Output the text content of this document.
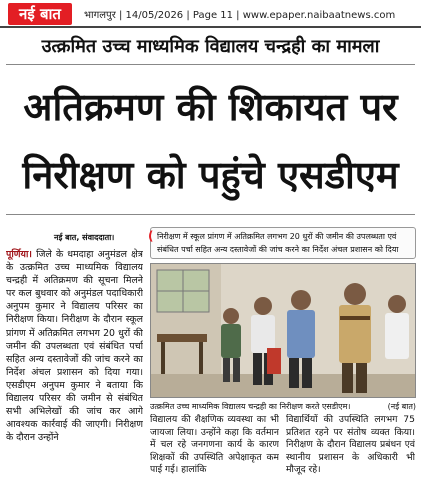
नई बात	भागलपुर | 14/05/2026 | Page 11 | www.epaper.naibaatnews.com
उत्क्रमित उच्च माध्यमिक विद्यालय चन्द्रही का मामला
अतिक्रमण की शिकायत पर
निरीक्षण को पहुंचे एसडीएम
नई बात, संवाददाता।
पूर्णिया। जिले के धमदाहा अनुमंडल क्षेत्र के उत्क्रमित उच्च माध्यमिक विद्यालय चन्द्रही में अतिक्रमण की सूचना मिलने पर कल बुधवार को अनुमंडल पदाधिकारी अनुपम कुमार ने विद्यालय परिसर का निरीक्षण किया। निरीक्षण के दौरान स्कूल प्रांगण में अतिक्रमित लगभग 20 धुरों की जमीन की उपलब्धता एवं संबंधित पर्चा सहित अन्य दस्तावेजों की जांच करने का निर्देश अंचल प्रशासन को दिया गया। एसडीएम अनुपम कुमार ने बताया कि विद्यालय परिसर की जमीन से संबंधित सभी अभिलेखों की जांच कर आगे आवश्यक कार्रवाई की जाएगी। निरीक्षण के दौरान उन्होंने
( निरीक्षण में स्कूल प्रांगण में अतिक्रमित लगभग 20 धुरों की जमीन की उपलब्धता एवं संबंधित पर्चा सहित अन्य दस्तावेजों की जांच करने का निर्देश अंचल प्रशासन को दिया
उत्क्रमित उच्च माध्यमिक विद्यालय चन्द्रही का निरीक्षण करते एसडीएम।	(नई बात)
विद्यालय की शैक्षणिक व्यवस्था का भी जायजा लिया। उन्होंने कहा कि वर्तमान में चल रहे जनगणना कार्य के कारण शिक्षकों की उपस्थिति अपेक्षाकृत कम पाई गई। हालांकि
विद्यार्थियों की उपस्थिति लगभग 75 प्रतिशत रहने पर संतोष व्यक्त किया। निरीक्षण के दौरान विद्यालय प्रबंधन एवं स्थानीय प्रशासन के अधिकारी भी मौजूद रहे।
